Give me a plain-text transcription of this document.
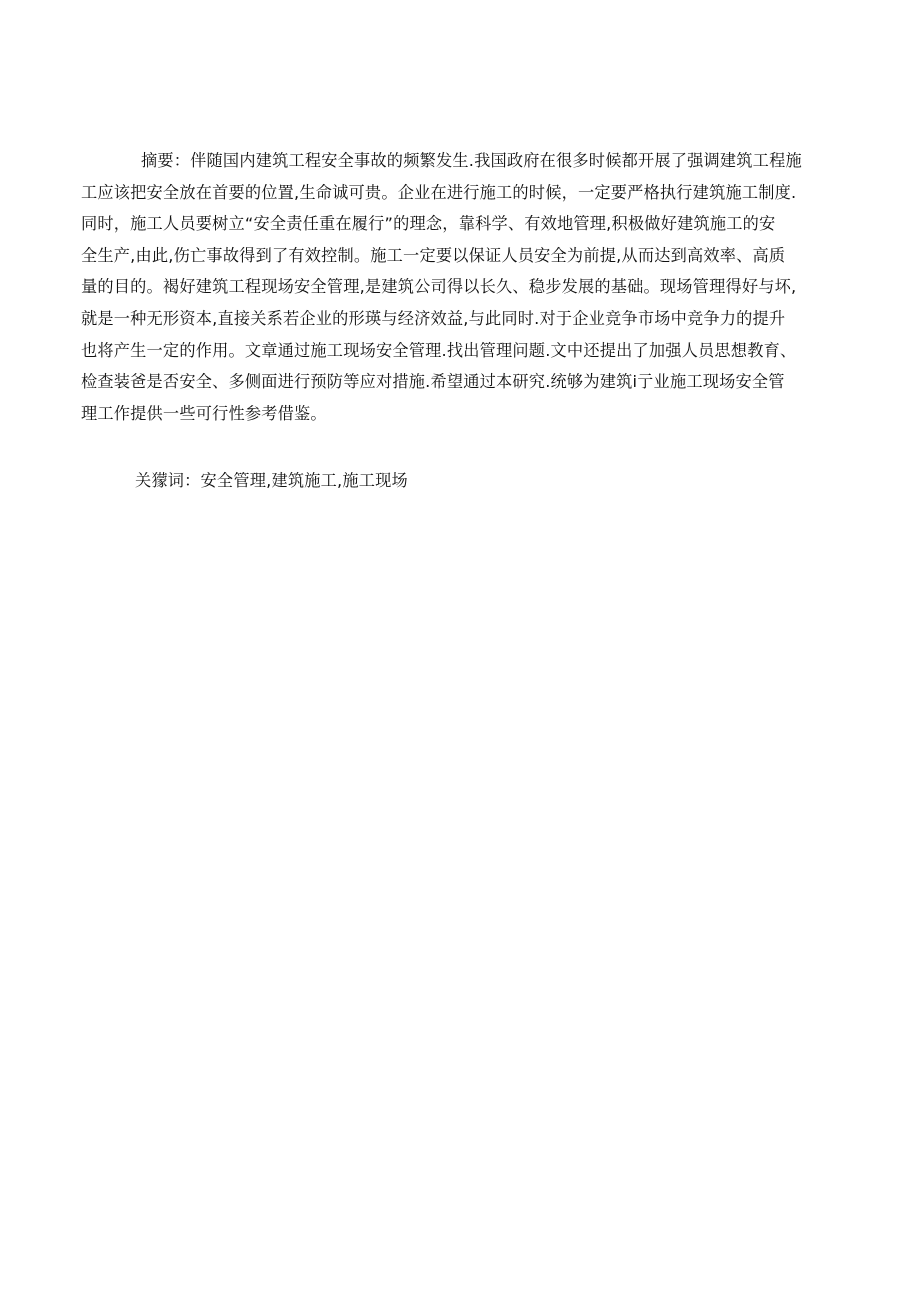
摘要：伴随国内建筑工程安全事故的频繁发生.我国政府在很多时候都开展了强调建筑工程施
工应该把安全放在首要的位置,生命诚可贵。企业在进行施工的时候，一定要严格执行建筑施工制度.
同时，施工人员要树立“安全责任重在履行”的理念，靠科学、有效地管理,积极做好建筑施工的安
全生产,由此,伤亡事故得到了有效控制。施工一定要以保证人员安全为前提,从而达到高效率、高质
量的目的。褐好建筑工程现场安全管理,是建筑公司得以长久、稳步发展的基础。现场管理得好与坏,
就是一种无形资本,直接关系若企业的形瑛与经济效益,与此同时.对于企业竞争市场中竞争力的提升
也将产生一定的作用。文章通过施工现场安全管理.找出管理问题.文中还提出了加强人员思想教育、
检查装爸是否安全、多侧面进行预防等应对措施.希望通过本研究.统够为建筑i亍业施工现场安全管
理工作提供一些可行性参考借鉴。
关獴词：安全管理,建筑施工,施工现场
